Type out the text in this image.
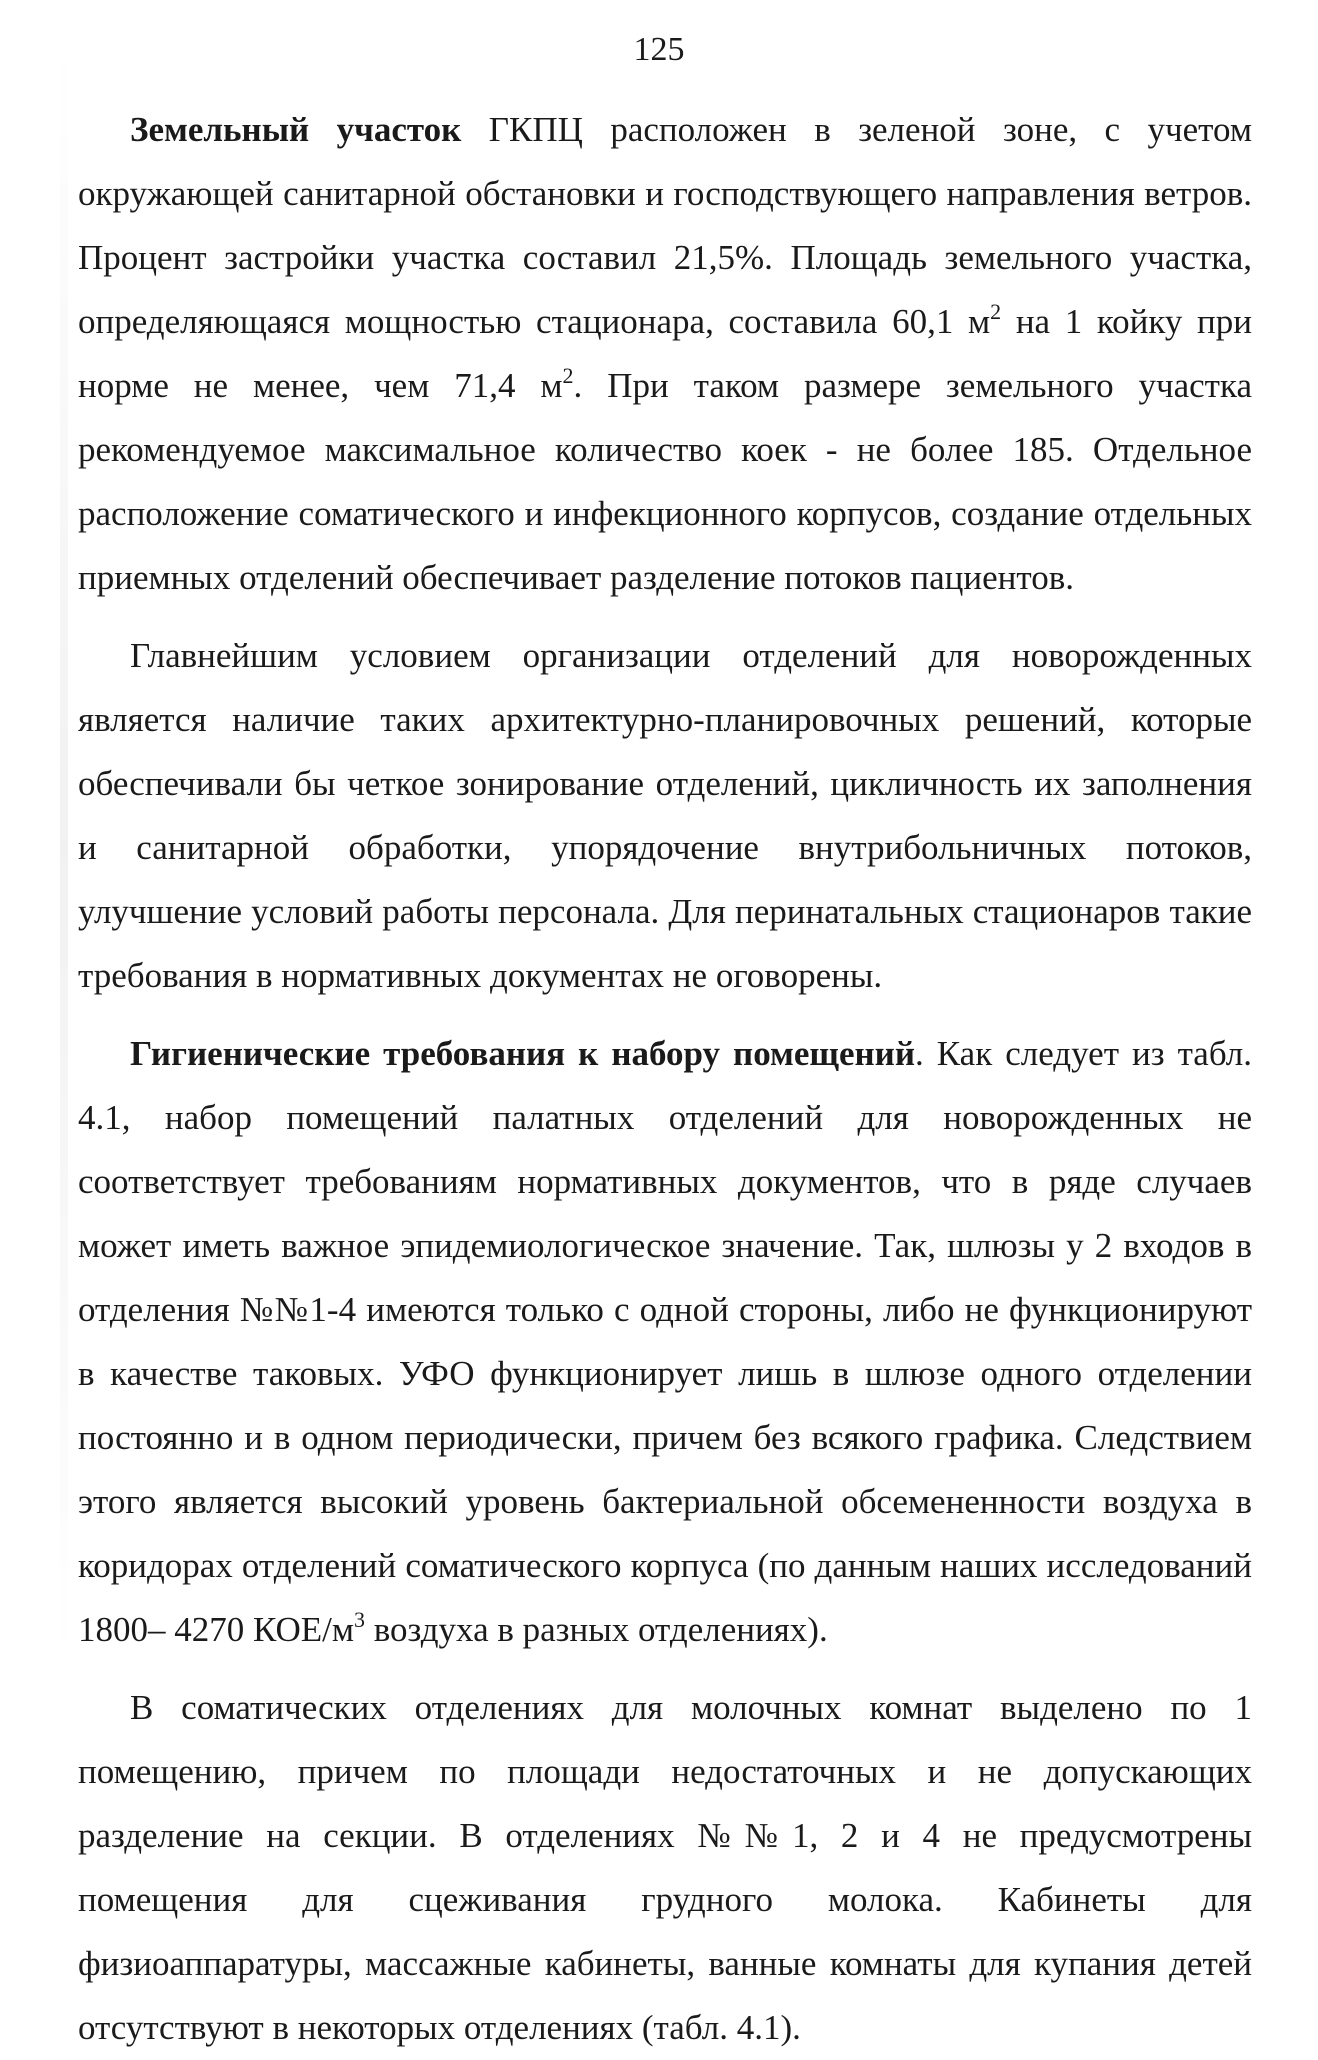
125

Земельный участок ГКПЦ расположен в зеленой зоне, с учетом окружающей санитарной обстановки и господствующего направления ветров. Процент застройки участка составил 21,5%. Площадь земельного участка, определяющаяся мощностью стационара, составила 60,1 $м^2$ на 1 койку при норме не менее, чем 71,4 $м^2$. При таком размере земельного участка рекомендуемое максимальное количество коек - не более 185. Отдельное расположение соматического и инфекционного корпусов, создание отдельных приемных отделений обеспечивает разделение потоков пациентов.

Главнейшим условием организации отделений для новорожденных является наличие таких архитектурно-планировочных решений, которые обеспечивали бы четкое зонирование отделений, цикличность их заполнения и санитарной обработки, упорядочение внутрибольничных потоков, улучшение условий работы персонала. Для перинатальных стационаров такие требования в нормативных документах не оговорены.

Гигиенические требования к набору помещений. Как следует из табл. 4.1, набор помещений палатных отделений для новорожденных не соответствует требованиям нормативных документов, что в ряде случаев может иметь важное эпидемиологическое значение. Так, шлюзы у 2 входов в отделения №№1-4 имеются только с одной стороны, либо не функционируют в качестве таковых. УФО функционирует лишь в шлюзе одного отделении постоянно и в одном периодически, причем без всякого графика. Следствием этого является высокий уровень бактериальной обсемененности воздуха в коридорах отделений соматического корпуса (по данным наших исследований 1800– 4270 КОЕ/$м^3$ воздуха в разных отделениях).

В соматических отделениях для молочных комнат выделено по 1 помещению, причем по площади недостаточных и не допускающих разделение на секции. В отделениях №№1, 2 и 4 не предусмотрены помещения для сцеживания грудного молока. Кабинеты для физиоаппаратуры, массажные кабинеты, ванные комнаты для купания детей отсутствуют в некоторых отделениях (табл. 4.1).
